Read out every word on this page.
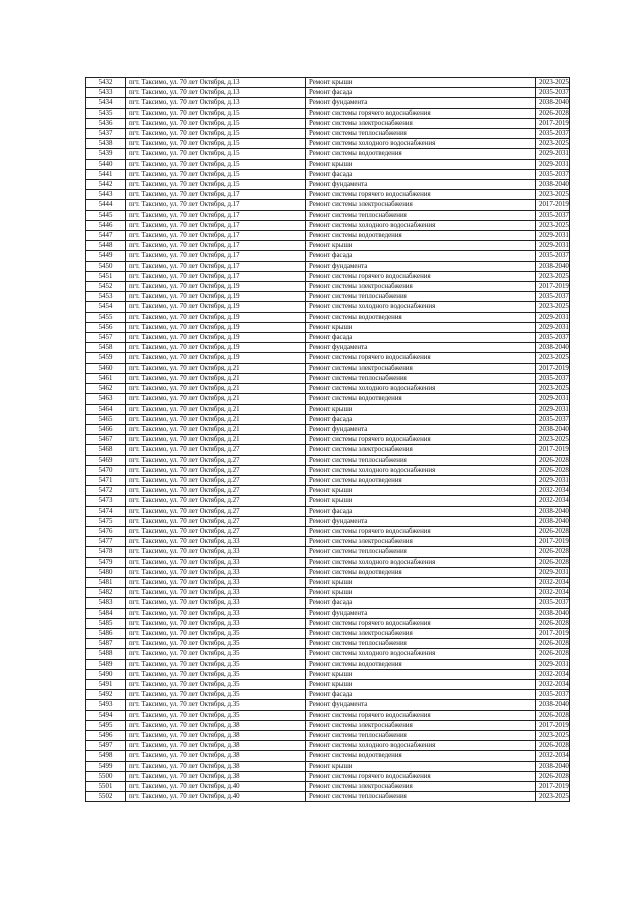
5432	пгт. Таксимо, ул. 70 лет Октября, д.13	Ремонт крыши	2023-2025
5433	пгт. Таксимо, ул. 70 лет Октября, д.13	Ремонт фасада	2035-2037
5434	пгт. Таксимо, ул. 70 лет Октября, д.13	Ремонт фундамента	2038-2040
5435	пгт. Таксимо, ул. 70 лет Октября, д.15	Ремонт системы горячего водоснабжения	2026-2028
5436	пгт. Таксимо, ул. 70 лет Октября, д.15	Ремонт системы электроснабжения	2017-2019
5437	пгт. Таксимо, ул. 70 лет Октября, д.15	Ремонт системы теплоснабжения	2035-2037
5438	пгт. Таксимо, ул. 70 лет Октября, д.15	Ремонт системы холодного водоснабжения	2023-2025
5439	пгт. Таксимо, ул. 70 лет Октября, д.15	Ремонт системы водоотведения	2029-2031
5440	пгт. Таксимо, ул. 70 лет Октября, д.15	Ремонт крыши	2029-2031
5441	пгт. Таксимо, ул. 70 лет Октября, д.15	Ремонт фасада	2035-2037
5442	пгт. Таксимо, ул. 70 лет Октября, д.15	Ремонт фундамента	2038-2040
5443	пгт. Таксимо, ул. 70 лет Октября, д.17	Ремонт системы горячего водоснабжения	2023-2025
5444	пгт. Таксимо, ул. 70 лет Октября, д.17	Ремонт системы электроснабжения	2017-2019
5445	пгт. Таксимо, ул. 70 лет Октября, д.17	Ремонт системы теплоснабжения	2035-2037
5446	пгт. Таксимо, ул. 70 лет Октября, д.17	Ремонт системы холодного водоснабжения	2023-2025
5447	пгт. Таксимо, ул. 70 лет Октября, д.17	Ремонт системы водоотведения	2029-2031
5448	пгт. Таксимо, ул. 70 лет Октября, д.17	Ремонт крыши	2029-2031
5449	пгт. Таксимо, ул. 70 лет Октября, д.17	Ремонт фасада	2035-2037
5450	пгт. Таксимо, ул. 70 лет Октября, д.17	Ремонт фундамента	2038-2040
5451	пгт. Таксимо, ул. 70 лет Октября, д.17	Ремонт системы горячего водоснабжения	2023-2025
5452	пгт. Таксимо, ул. 70 лет Октября, д.19	Ремонт системы электроснабжения	2017-2019
5453	пгт. Таксимо, ул. 70 лет Октября, д.19	Ремонт системы теплоснабжения	2035-2037
5454	пгт. Таксимо, ул. 70 лет Октября, д.19	Ремонт системы холодного водоснабжения	2023-2025
5455	пгт. Таксимо, ул. 70 лет Октября, д.19	Ремонт системы водоотведения	2029-2031
5456	пгт. Таксимо, ул. 70 лет Октября, д.19	Ремонт крыши	2029-2031
5457	пгт. Таксимо, ул. 70 лет Октября, д.19	Ремонт фасада	2035-2037
5458	пгт. Таксимо, ул. 70 лет Октября, д.19	Ремонт фундамента	2038-2040
5459	пгт. Таксимо, ул. 70 лет Октября, д.19	Ремонт системы горячего водоснабжения	2023-2025
5460	пгт. Таксимо, ул. 70 лет Октября, д.21	Ремонт системы электроснабжения	2017-2019
5461	пгт. Таксимо, ул. 70 лет Октября, д.21	Ремонт системы теплоснабжения	2035-2037
5462	пгт. Таксимо, ул. 70 лет Октября, д.21	Ремонт системы холодного водоснабжения	2023-2025
5463	пгт. Таксимо, ул. 70 лет Октября, д.21	Ремонт системы водоотведения	2029-2031
5464	пгт. Таксимо, ул. 70 лет Октября, д.21	Ремонт крыши	2029-2031
5465	пгт. Таксимо, ул. 70 лет Октября, д.21	Ремонт фасада	2035-2037
5466	пгт. Таксимо, ул. 70 лет Октября, д.21	Ремонт фундамента	2038-2040
5467	пгт. Таксимо, ул. 70 лет Октября, д.21	Ремонт системы горячего водоснабжения	2023-2025
5468	пгт. Таксимо, ул. 70 лет Октября, д.27	Ремонт системы электроснабжения	2017-2019
5469	пгт. Таксимо, ул. 70 лет Октября, д.27	Ремонт системы теплоснабжения	2026-2028
5470	пгт. Таксимо, ул. 70 лет Октября, д.27	Ремонт системы холодного водоснабжения	2026-2028
5471	пгт. Таксимо, ул. 70 лет Октября, д.27	Ремонт системы водоотведения	2029-2031
5472	пгт. Таксимо, ул. 70 лет Октября, д.27	Ремонт крыши	2032-2034
5473	пгт. Таксимо, ул. 70 лет Октября, д.27	Ремонт крыши	2032-2034
5474	пгт. Таксимо, ул. 70 лет Октября, д.27	Ремонт фасада	2038-2040
5475	пгт. Таксимо, ул. 70 лет Октября, д.27	Ремонт фундамента	2038-2040
5476	пгт. Таксимо, ул. 70 лет Октября, д.27	Ремонт системы горячего водоснабжения	2026-2028
5477	пгт. Таксимо, ул. 70 лет Октября, д.33	Ремонт системы электроснабжения	2017-2019
5478	пгт. Таксимо, ул. 70 лет Октября, д.33	Ремонт системы теплоснабжения	2026-2028
5479	пгт. Таксимо, ул. 70 лет Октября, д.33	Ремонт системы холодного водоснабжения	2026-2028
5480	пгт. Таксимо, ул. 70 лет Октября, д.33	Ремонт системы водоотведения	2029-2031
5481	пгт. Таксимо, ул. 70 лет Октября, д.33	Ремонт крыши	2032-2034
5482	пгт. Таксимо, ул. 70 лет Октября, д.33	Ремонт крыши	2032-2034
5483	пгт. Таксимо, ул. 70 лет Октября, д.33	Ремонт фасада	2035-2037
5484	пгт. Таксимо, ул. 70 лет Октября, д.33	Ремонт фундамента	2038-2040
5485	пгт. Таксимо, ул. 70 лет Октября, д.33	Ремонт системы горячего водоснабжения	2026-2028
5486	пгт. Таксимо, ул. 70 лет Октября, д.35	Ремонт системы электроснабжения	2017-2019
5487	пгт. Таксимо, ул. 70 лет Октября, д.35	Ремонт системы теплоснабжения	2026-2028
5488	пгт. Таксимо, ул. 70 лет Октября, д.35	Ремонт системы холодного водоснабжения	2026-2028
5489	пгт. Таксимо, ул. 70 лет Октября, д.35	Ремонт системы водоотведения	2029-2031
5490	пгт. Таксимо, ул. 70 лет Октября, д.35	Ремонт крыши	2032-2034
5491	пгт. Таксимо, ул. 70 лет Октября, д.35	Ремонт крыши	2032-2034
5492	пгт. Таксимо, ул. 70 лет Октября, д.35	Ремонт фасада	2035-2037
5493	пгт. Таксимо, ул. 70 лет Октября, д.35	Ремонт фундамента	2038-2040
5494	пгт. Таксимо, ул. 70 лет Октября, д.35	Ремонт системы горячего водоснабжения	2026-2028
5495	пгт. Таксимо, ул. 70 лет Октября, д.38	Ремонт системы электроснабжения	2017-2019
5496	пгт. Таксимо, ул. 70 лет Октября, д.38	Ремонт системы теплоснабжения	2023-2025
5497	пгт. Таксимо, ул. 70 лет Октября, д.38	Ремонт системы холодного водоснабжения	2026-2028
5498	пгт. Таксимо, ул. 70 лет Октября, д.38	Ремонт системы водоотведения	2032-2034
5499	пгт. Таксимо, ул. 70 лет Октября, д.38	Ремонт крыши	2038-2040
5500	пгт. Таксимо, ул. 70 лет Октября, д.38	Ремонт системы горячего водоснабжения	2026-2028
5501	пгт. Таксимо, ул. 70 лет Октября, д.40	Ремонт системы электроснабжения	2017-2019
5502	пгт. Таксимо, ул. 70 лет Октября, д.40	Ремонт системы теплоснабжения	2023-2025
